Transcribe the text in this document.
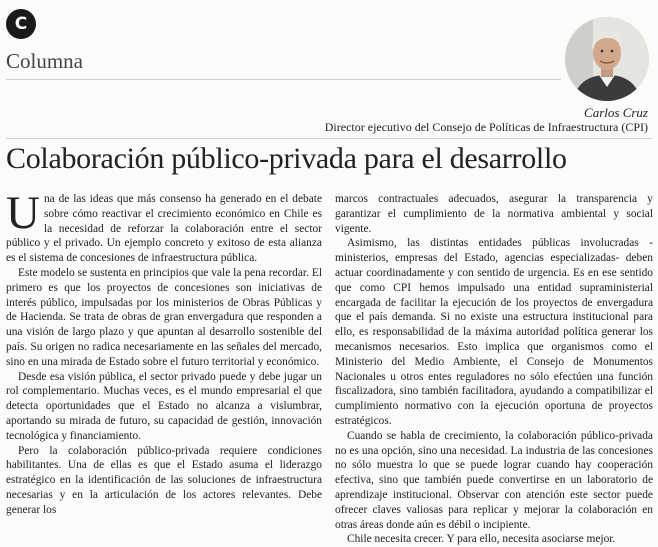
C
Columna
Carlos Cruz
Director ejecutivo del Consejo de Políticas de Infraestructura (CPI)
Colaboración público-privada para el desarrollo

Una de las ideas que más consenso ha generado en el debate sobre cómo reactivar el crecimiento económico en Chile es la necesidad de reforzar la colaboración entre el sector público y el privado. Un ejemplo concreto y exitoso de esta alianza es el sistema de concesiones de infraestructura pública.

Este modelo se sustenta en principios que vale la pena recordar. El primero es que los proyectos de concesiones son iniciativas de interés público, impulsadas por los ministerios de Obras Públicas y de Hacienda. Se trata de obras de gran envergadura que responden a una visión de largo plazo y que apuntan al desarrollo sostenible del país. Su origen no radica necesariamente en las señales del mercado, sino en una mirada de Estado sobre el futuro territorial y económico.

Desde esa visión pública, el sector privado puede y debe jugar un rol complementario. Muchas veces, es el mundo empresarial el que detecta oportunidades que el Estado no alcanza a vislumbrar, aportando su mirada de futuro, su capacidad de gestión, innovación tecnológica y financiamiento.

Pero la colaboración público-privada requiere condiciones habilitantes. Una de ellas es que el Estado asuma el liderazgo estratégico en la identificación de las soluciones de infraestructura necesarias y en la articulación de los actores relevantes. Debe generar los

marcos contractuales adecuados, asegurar la transparencia y garantizar el cumplimiento de la normativa ambiental y social vigente.

Asimismo, las distintas entidades públicas involucradas -ministerios, empresas del Estado, agencias especializadas- deben actuar coordinadamente y con sentido de urgencia. Es en ese sentido que como CPI hemos impulsado una entidad supraministerial encargada de facilitar la ejecución de los proyectos de envergadura que el país demanda. Si no existe una estructura institucional para ello, es responsabilidad de la máxima autoridad política generar los mecanismos necesarios. Esto implica que organismos como el Ministerio del Medio Ambiente, el Consejo de Monumentos Nacionales u otros entes reguladores no sólo efectúen una función fiscalizadora, sino también facilitadora, ayudando a compatibilizar el cumplimiento normativo con la ejecución oportuna de proyectos estratégicos.

Cuando se habla de crecimiento, la colaboración público-privada no es una opción, sino una necesidad. La industria de las concesiones no sólo muestra lo que se puede lograr cuando hay cooperación efectiva, sino que también puede convertirse en un laboratorio de aprendizaje institucional. Observar con atención este sector puede ofrecer claves valiosas para replicar y mejorar la colaboración en otras áreas donde aún es débil o incipiente.

Chile necesita crecer. Y para ello, necesita asociarse mejor.
